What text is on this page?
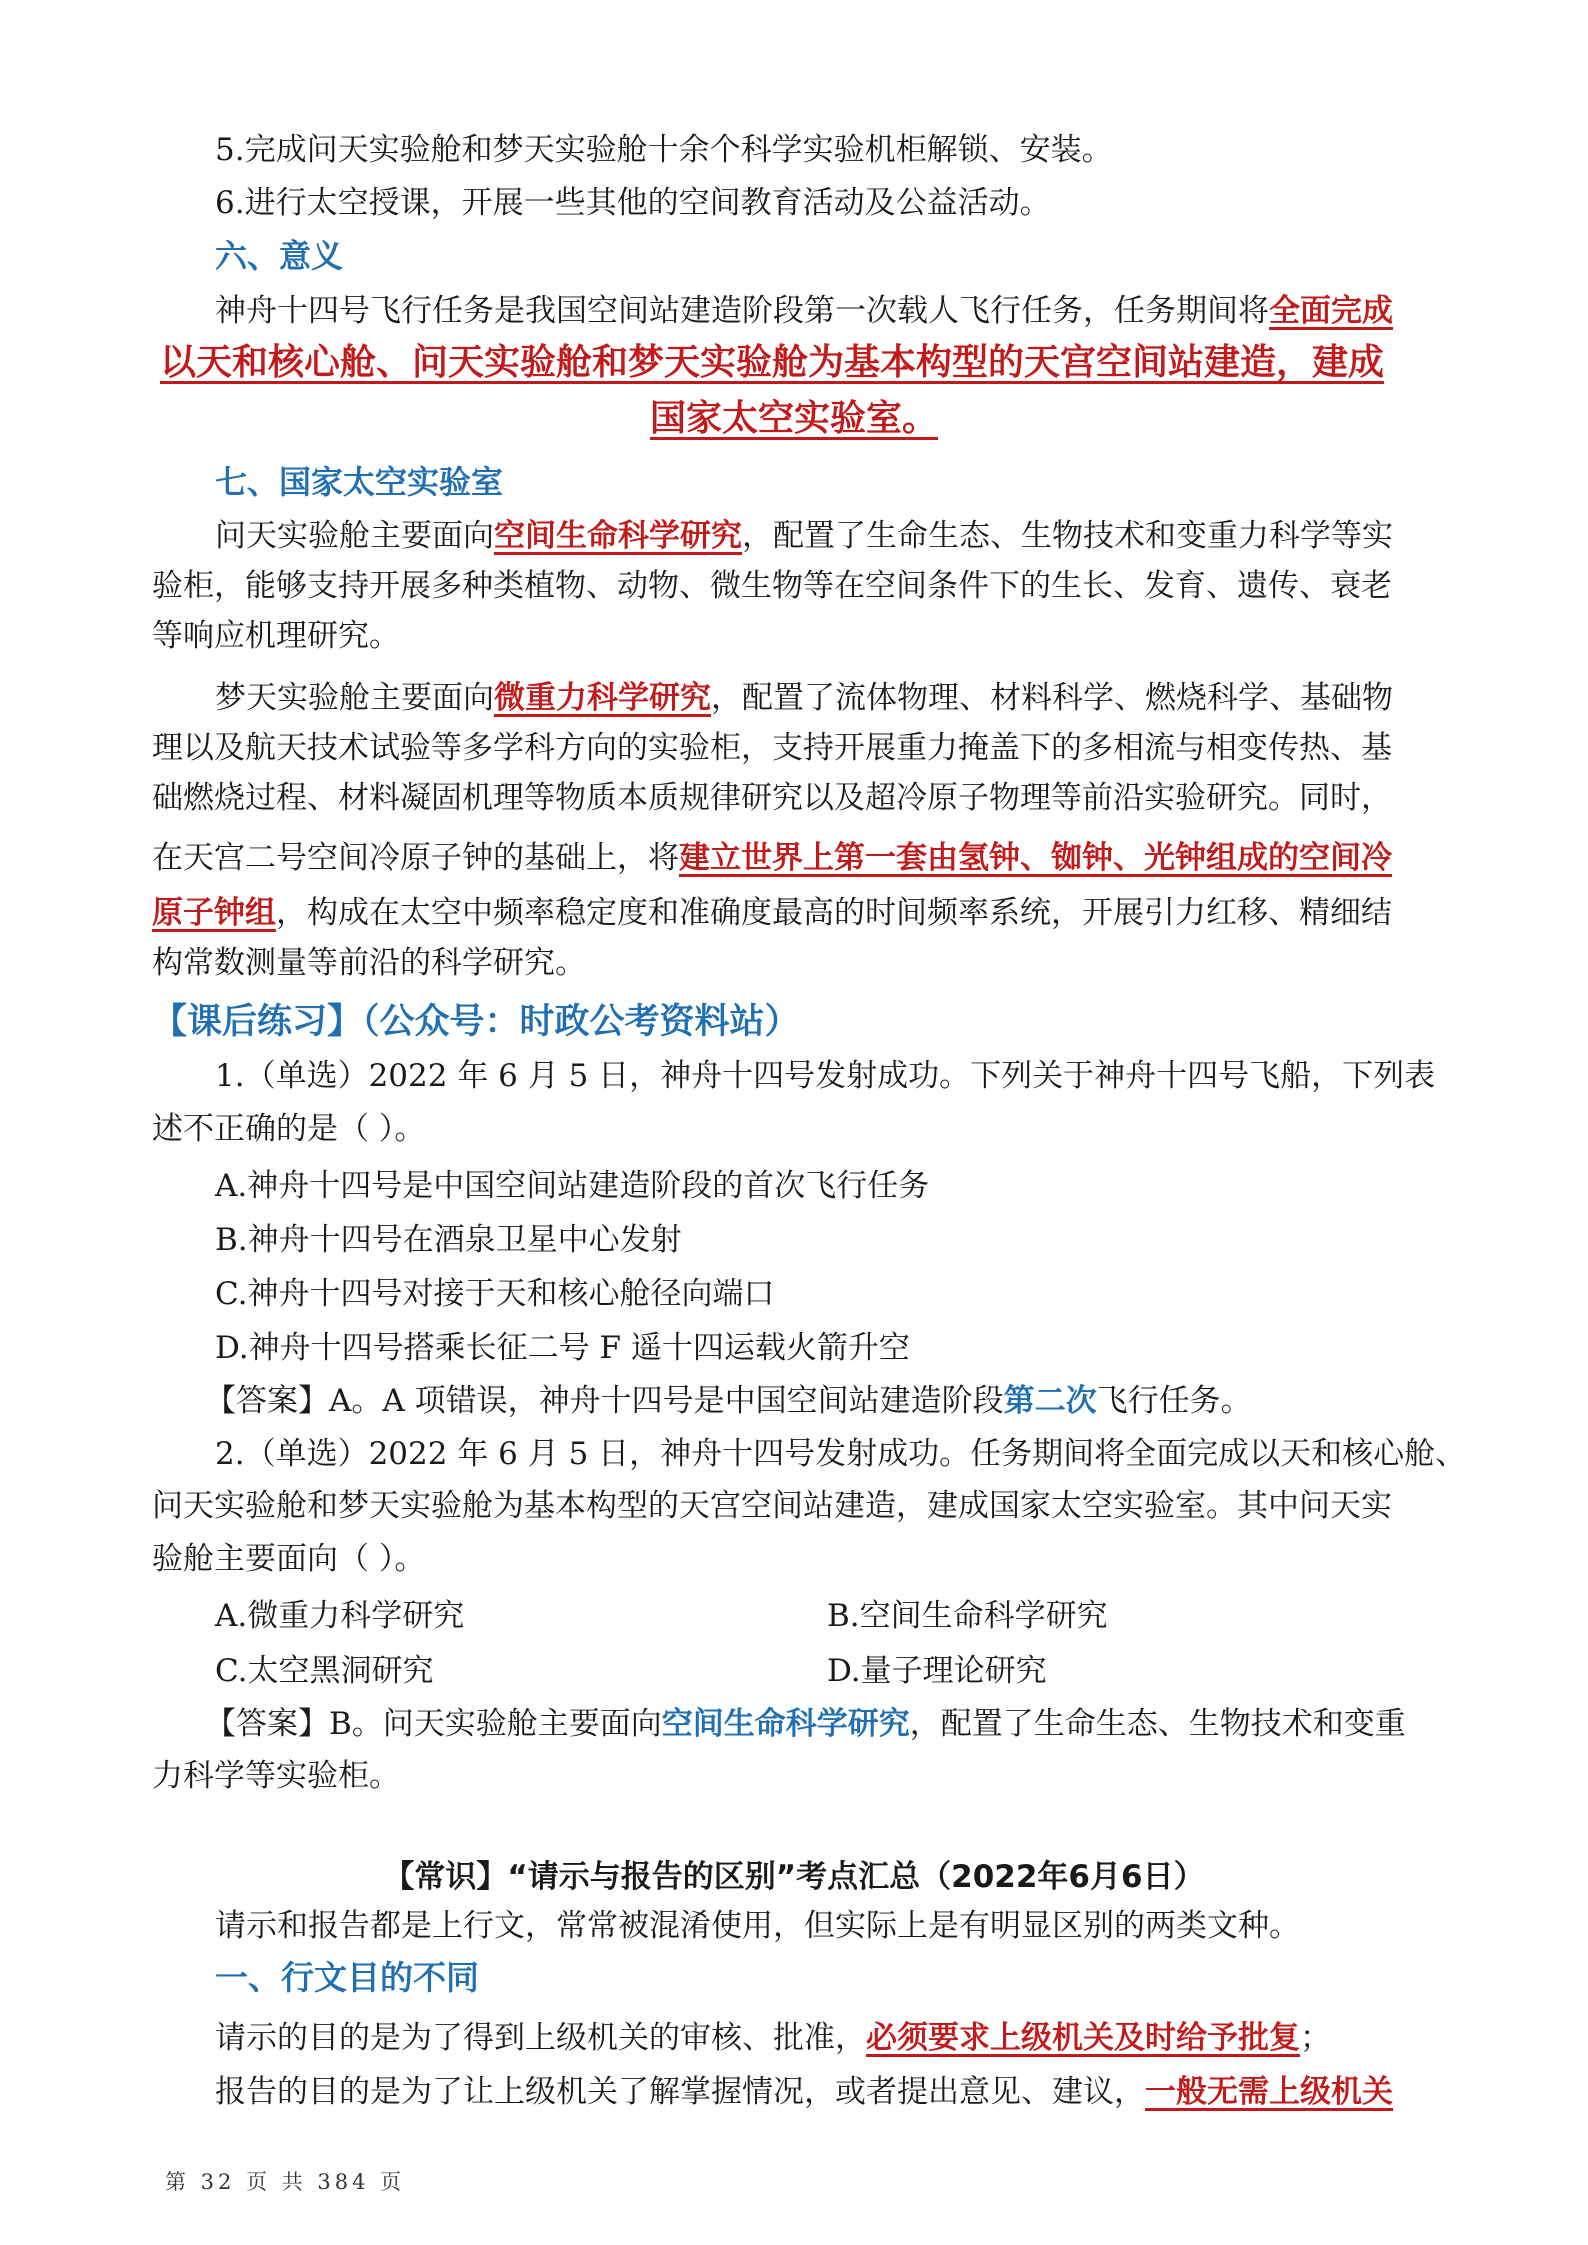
5.完成问天实验舱和梦天实验舱十余个科学实验机柜解锁、安装。

6.进行太空授课，开展一些其他的空间教育活动及公益活动。

六、意义

神舟十四号飞行任务是我国空间站建造阶段第一次载人飞行任务，任务期间将全面完成

以天和核心舱、问天实验舱和梦天实验舱为基本构型的天宫空间站建造，建成

国家太空实验室。

七、国家太空实验室

问天实验舱主要面向空间生命科学研究，配置了生命生态、生物技术和变重力科学等实

验柜，能够支持开展多种类植物、动物、微生物等在空间条件下的生长、发育、遗传、衰老

等响应机理研究。

梦天实验舱主要面向微重力科学研究，配置了流体物理、材料科学、燃烧科学、基础物

理以及航天技术试验等多学科方向的实验柜，支持开展重力掩盖下的多相流与相变传热、基

础燃烧过程、材料凝固机理等物质本质规律研究以及超冷原子物理等前沿实验研究。同时，

在天宫二号空间冷原子钟的基础上，将建立世界上第一套由氢钟、铷钟、光钟组成的空间冷

原子钟组，构成在太空中频率稳定度和准确度最高的时间频率系统，开展引力红移、精细结

构常数测量等前沿的科学研究。

【课后练习】（公众号：时政公考资料站）

1.（单选）2022 年 6 月 5 日，神舟十四号发射成功。下列关于神舟十四号飞船，下列表

述不正确的是（ ）。

A.神舟十四号是中国空间站建造阶段的首次飞行任务

B.神舟十四号在酒泉卫星中心发射

C.神舟十四号对接于天和核心舱径向端口

D.神舟十四号搭乘长征二号 F 遥十四运载火箭升空

【答案】A。A 项错误，神舟十四号是中国空间站建造阶段第二次飞行任务。

2.（单选）2022 年 6 月 5 日，神舟十四号发射成功。任务期间将全面完成以天和核心舱、

问天实验舱和梦天实验舱为基本构型的天宫空间站建造，建成国家太空实验室。其中问天实

验舱主要面向（ ）。

A.微重力科学研究	B.空间生命科学研究

C.太空黑洞研究	D.量子理论研究

【答案】B。问天实验舱主要面向空间生命科学研究，配置了生命生态、生物技术和变重

力科学等实验柜。

【常识】“请示与报告的区别”考点汇总（2022年6月6日）

请示和报告都是上行文，常常被混淆使用，但实际上是有明显区别的两类文种。

一、行文目的不同

请示的目的是为了得到上级机关的审核、批准，必须要求上级机关及时给予批复；

报告的目的是为了让上级机关了解掌握情况，或者提出意见、建议，一般无需上级机关

第 32 页 共 384 页
